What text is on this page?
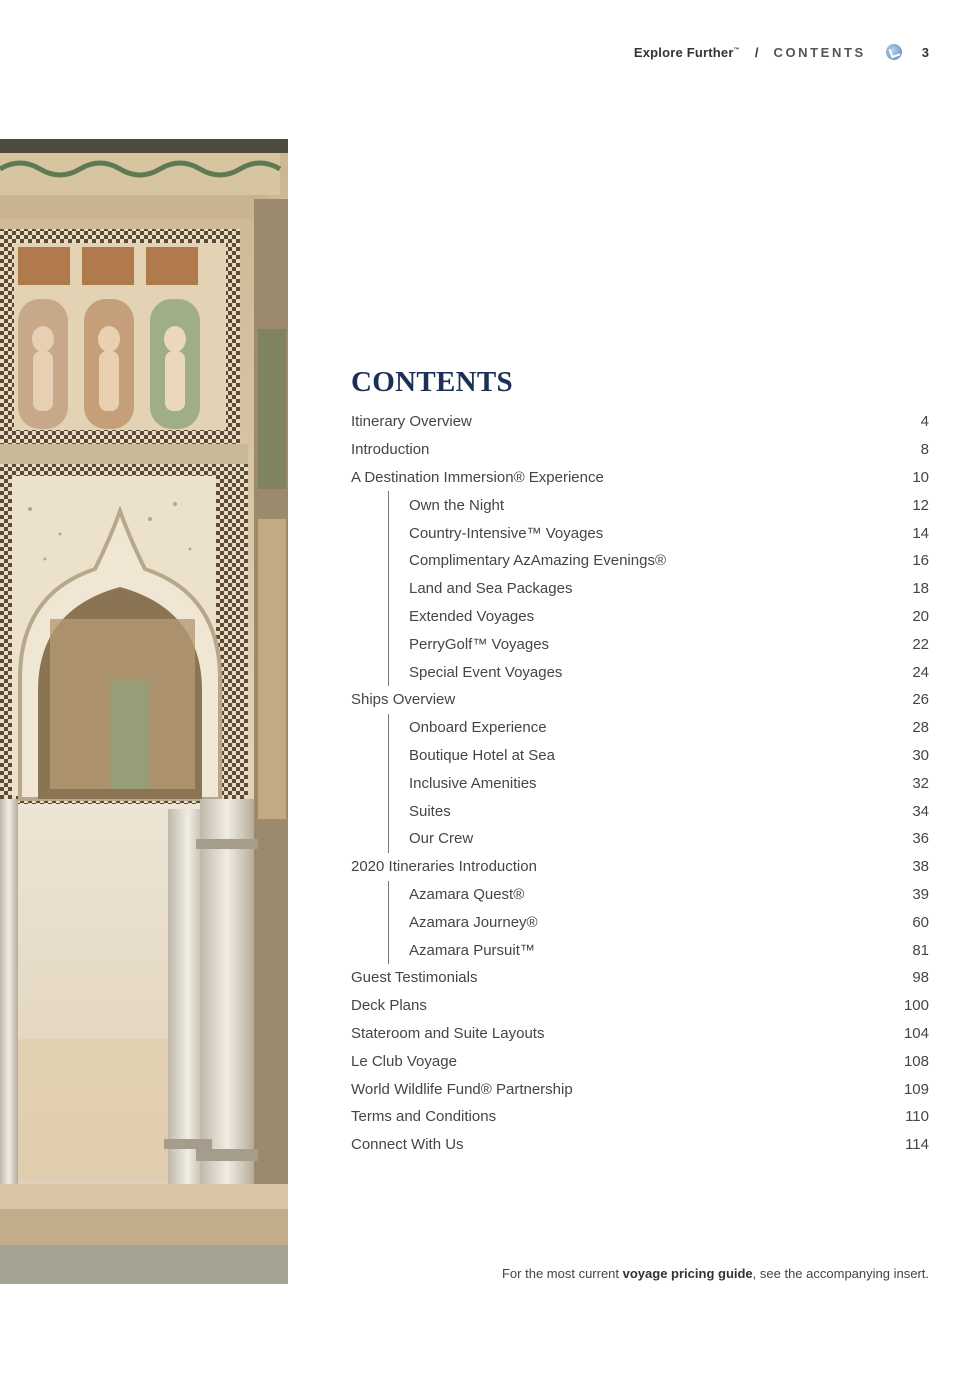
Explore Further™ / CONTENTS	3
CONTENTS
Itinerary Overview	4
Introduction	8
A Destination Immersion® Experience	10
Own the Night	12
Country-Intensive™ Voyages	14
Complimentary AzAmazing Evenings®	16
Land and Sea Packages	18
Extended Voyages	20
PerryGolf™ Voyages	22
Special Event Voyages	24
Ships Overview	26
Onboard Experience	28
Boutique Hotel at Sea	30
Inclusive Amenities	32
Suites	34
Our Crew	36
2020 Itineraries Introduction	38
Azamara Quest®	39
Azamara Journey®	60
Azamara Pursuit™	81
Guest Testimonials	98
Deck Plans	100
Stateroom and Suite Layouts	104
Le Club Voyage	108
World Wildlife Fund® Partnership	109
Terms and Conditions	110
Connect With Us	114
For the most current voyage pricing guide, see the accompanying insert.
